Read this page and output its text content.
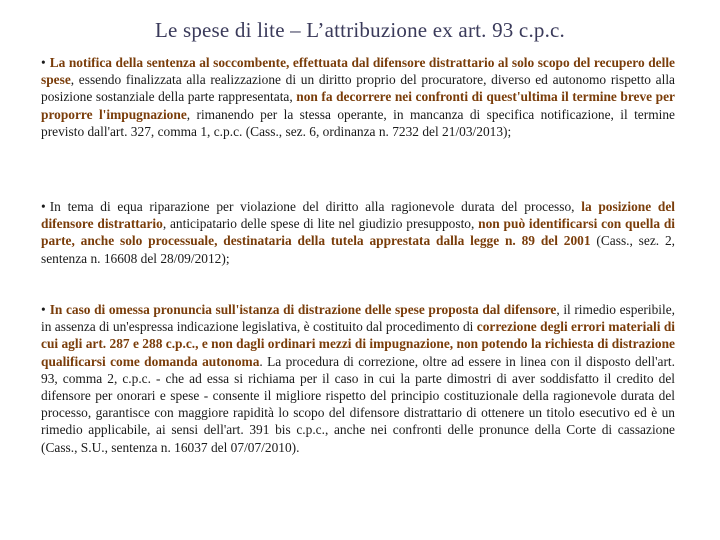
Le spese di lite – L’attribuzione ex art. 93 c.p.c.
• La notifica della sentenza al soccombente, effettuata dal difensore distrattario al solo scopo del recupero delle spese, essendo finalizzata alla realizzazione di un diritto proprio del procuratore, diverso ed autonomo rispetto alla posizione sostanziale della parte rappresentata, non fa decorrere nei confronti di quest'ultima il termine breve per proporre l'impugnazione, rimanendo per la stessa operante, in mancanza di specifica notificazione, il termine previsto dall'art. 327, comma 1, c.p.c. (Cass., sez. 6, ordinanza n. 7232 del 21/03/2013);
• In tema di equa riparazione per violazione del diritto alla ragionevole durata del processo, la posizione del difensore distrattario, anticipatario delle spese di lite nel giudizio presupposto, non può identificarsi con quella di parte, anche solo processuale, destinataria della tutela apprestata dalla legge n. 89 del 2001 (Cass., sez. 2, sentenza n. 16608 del 28/09/2012);
• In caso di omessa pronuncia sull'istanza di distrazione delle spese proposta dal difensore, il rimedio esperibile, in assenza di un'espressa indicazione legislativa, è costituito dal procedimento di correzione degli errori materiali di cui agli art. 287 e 288 c.p.c., e non dagli ordinari mezzi di impugnazione, non potendo la richiesta di distrazione qualificarsi come domanda autonoma. La procedura di correzione, oltre ad essere in linea con il disposto dell'art. 93, comma 2, c.p.c. - che ad essa si richiama per il caso in cui la parte dimostri di aver soddisfatto il credito del difensore per onorari e spese - consente il migliore rispetto del principio costituzionale della ragionevole durata del processo, garantisce con maggiore rapidità lo scopo del difensore distrattario di ottenere un titolo esecutivo ed è un rimedio applicabile, ai sensi dell'art. 391 bis c.p.c., anche nei confronti delle pronunce della Corte di cassazione (Cass., S.U., sentenza n. 16037 del 07/07/2010).
